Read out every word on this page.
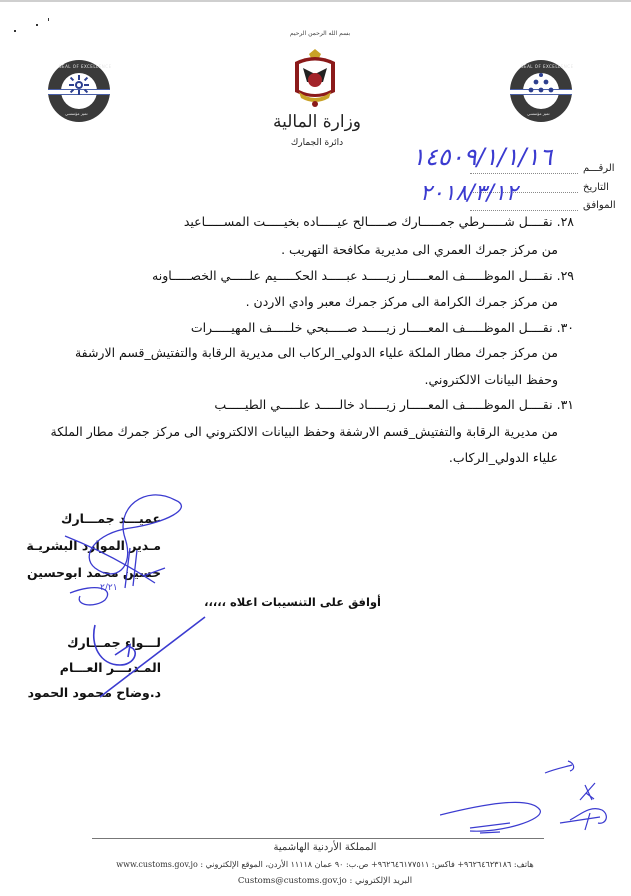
SEAL OF EXCELLENCE
تميز مؤسسي
SEAL OF EXCELLENCE
تميز مؤسسي
بسم الله الرحمن الرحيم
وزارة المالية
دائرة الجمارك
الرقـــم
١٤٥٠٩/١/١/١٦
التاريخ
الموافق
٢٠١٨/٣/١٢
٢٨. نقــــل شـــــرطي جمـــــارك صـــــالح عيـــــاده بخيـــــت المســـــاعيد
من مركز جمرك العمري الى مديرية مكافحة التهريب .
٢٩. نقــــل الموظـــــف المعـــــار زيـــــد عبـــــد الحكـــــيم علـــــي الخصـــــاونه
من مركز جمرك الكرامة الى مركز جمرك معبر وادي الاردن .
٣٠. نقــــل الموظـــــف المعـــــار زيـــــد صـــــبحي خلـــــف المهيـــــرات
من مركز جمرك مطار الملكة علياء الدولي_الركاب الى مديرية الرقابة والتفتيش_قسم الارشفة
وحفظ البيانات الالكتروني.
٣١. نقــــل الموظـــــف المعـــــار زيـــــاد خالـــــد علـــــي الطيـــــب
من مديرية الرقابة والتفتيش_قسم الارشفة وحفظ البيانات الالكتروني الى مركز جمرك مطار الملكة
علياء الدولي_الركاب.
عميـــد جمـــارك
مـدير الموارد البشريـة
حسين محمد ابوحسين
٢/٢١
أوافق على التنسيبات اعلاه ،،،،،
لـــواء جمـــارك
المـديـــر العـــام
د.وضاح محمود الحمود
المملكة الأردنية الهاشمية
هاتف: ٩٦٢٦٤٦٢٣١٨٦+ فاكس: ٩٦٢٦٤٦١٧٧٥١١+ ص.ب: ٩٠ عمان ١١١١٨ الأردن، الموقع الإلكتروني : www.customs.gov.jo
البريد الإلكتروني : Customs@customs.gov.jo
